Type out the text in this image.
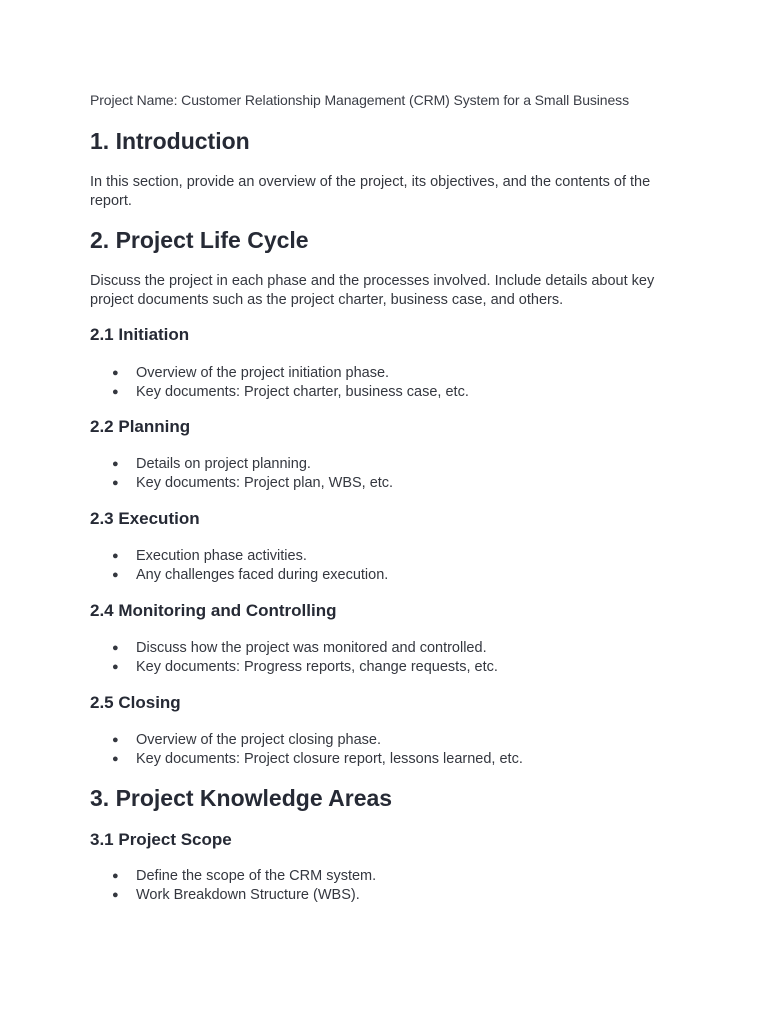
Project Name: Customer Relationship Management (CRM) System for a Small Business

1. Introduction

In this section, provide an overview of the project, its objectives, and the contents of the report.

2. Project Life Cycle

Discuss the project in each phase and the processes involved. Include details about key project documents such as the project charter, business case, and others.

2.1 Initiation
● Overview of the project initiation phase.
● Key documents: Project charter, business case, etc.
2.2 Planning
● Details on project planning.
● Key documents: Project plan, WBS, etc.
2.3 Execution
● Execution phase activities.
● Any challenges faced during execution.
2.4 Monitoring and Controlling
● Discuss how the project was monitored and controlled.
● Key documents: Progress reports, change requests, etc.
2.5 Closing
● Overview of the project closing phase.
● Key documents: Project closure report, lessons learned, etc.
3. Project Knowledge Areas
3.1 Project Scope
● Define the scope of the CRM system.
● Work Breakdown Structure (WBS).
